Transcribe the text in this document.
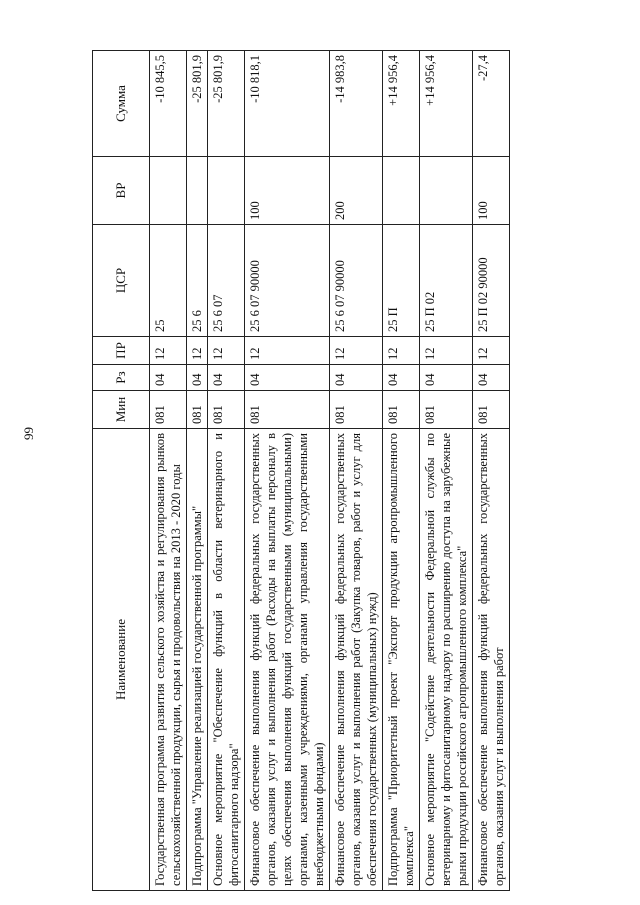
99
Наименование	Мин	Рз	ПР	ЦСР	ВР	Сумма
Государственная программа развития сельского хозяйства и регулирования рынков сельскохозяйственной продукции, сырья и продовольствия на 2013 - 2020 годы	081	04	12	25		-10 845,5
Подпрограмма "Управление реализацией государственной программы"	081	04	12	25 6		-25 801,9
Основное мероприятие "Обеспечение функций в области ветеринарного и фитосанитарного надзора"	081	04	12	25 6 07		-25 801,9
Финансовое обеспечение выполнения функций федеральных государственных органов, оказания услуг и выполнения работ (Расходы на выплаты персоналу в целях обеспечения выполнения функций государственными (муниципальными) органами, казенными учреждениями, органами управления государственными внебюджетными фондами)	081	04	12	25 6 07 90000	100	-10 818,1
Финансовое обеспечение выполнения функций федеральных государственных органов, оказания услуг и выполнения работ (Закупка товаров, работ и услуг для обеспечения государственных (муниципальных) нужд)	081	04	12	25 6 07 90000	200	-14 983,8
Подпрограмма "Приоритетный проект "Экспорт продукции агропромышленного комплекса"	081	04	12	25 П		+14 956,4
Основное мероприятие "Содействие деятельности Федеральной службы по ветеринарному и фитосанитарному надзору по расширению доступа на зарубежные рынки продукции российского агропромышленного комплекса"	081	04	12	25 П 02		+14 956,4
Финансовое обеспечение выполнения функций федеральных государственных органов, оказания услуг и выполнения работ	081	04	12	25 П 02 90000	100	-27,4
